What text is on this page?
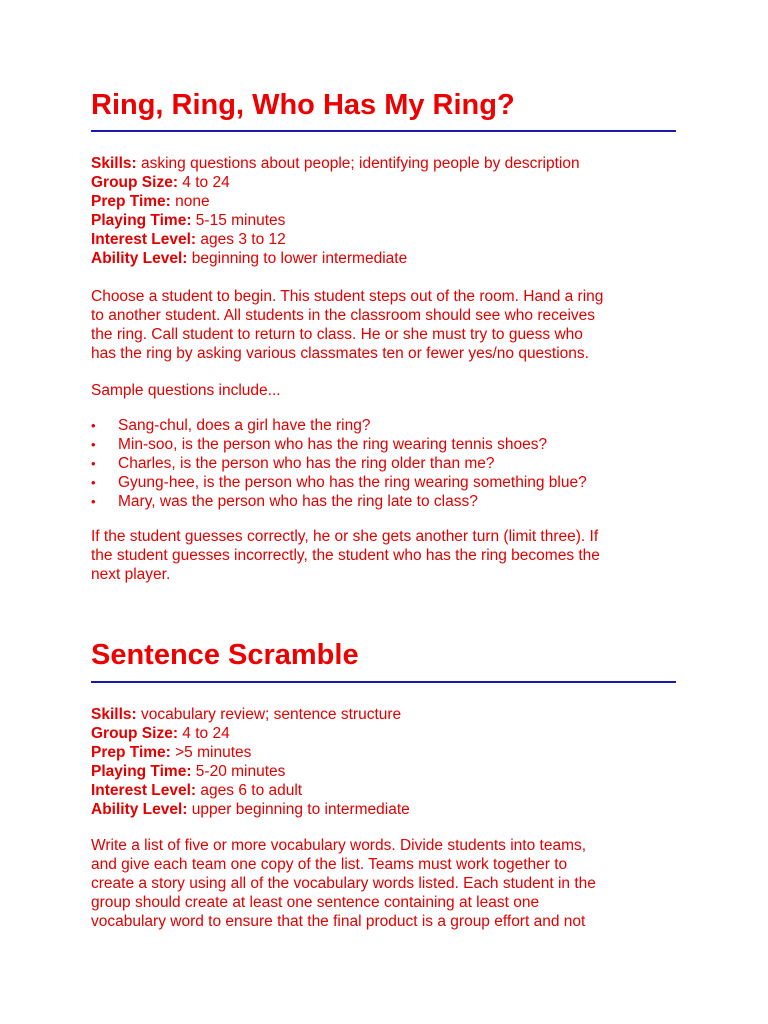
Ring, Ring, Who Has My Ring?
Skills: asking questions about people; identifying people by description
Group Size: 4 to 24
Prep Time: none
Playing Time: 5-15 minutes
Interest Level: ages 3 to 12
Ability Level: beginning to lower intermediate

Choose a student to begin. This student steps out of the room. Hand a ring
to another student. All students in the classroom should see who receives
the ring. Call student to return to class. He or she must try to guess who
has the ring by asking various classmates ten or fewer yes/no questions.

Sample questions include...

• Sang-chul, does a girl have the ring?
• Min-soo, is the person who has the ring wearing tennis shoes?
• Charles, is the person who has the ring older than me?
• Gyung-hee, is the person who has the ring wearing something blue?
• Mary, was the person who has the ring late to class?

If the student guesses correctly, he or she gets another turn (limit three). If
the student guesses incorrectly, the student who has the ring becomes the
next player.

Sentence Scramble
Skills: vocabulary review; sentence structure
Group Size: 4 to 24
Prep Time: >5 minutes
Playing Time: 5-20 minutes
Interest Level: ages 6 to adult
Ability Level: upper beginning to intermediate

Write a list of five or more vocabulary words. Divide students into teams,
and give each team one copy of the list. Teams must work together to
create a story using all of the vocabulary words listed. Each student in the
group should create at least one sentence containing at least one
vocabulary word to ensure that the final product is a group effort and not
